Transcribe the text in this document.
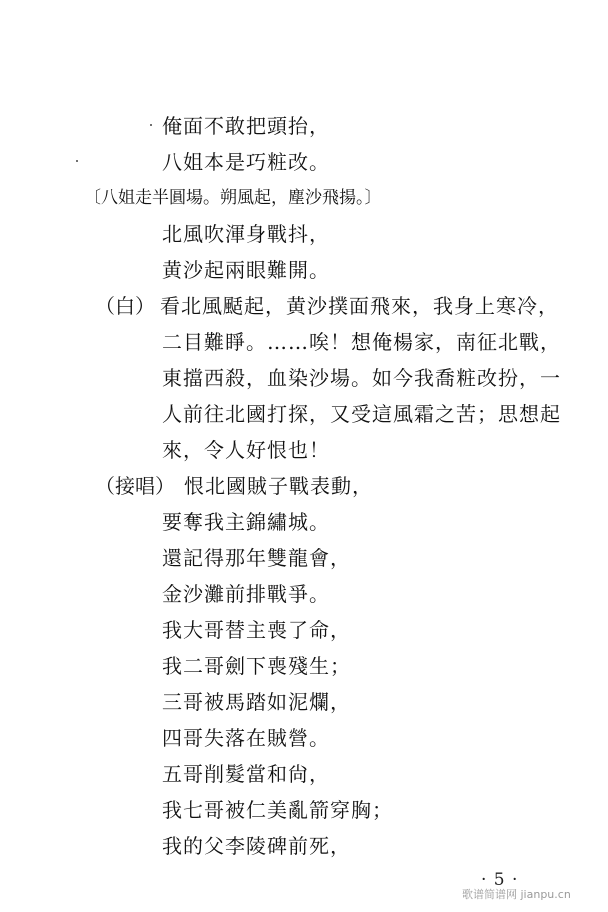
俺面不敢把頭抬，
八姐本是巧粧改。
〔八姐走半圓場。朔風起，塵沙飛揚。〕
北風吹渾身戰抖，
黄沙起兩眼難開。
（白） 看北風颳起，黄沙撲面飛來，我身上寒冷，
二目難睜。……唉！想俺楊家，南征北戰，
東擋西殺，血染沙場。如今我喬粧改扮，一
人前往北國打探，又受這風霜之苦；思想起
來，令人好恨也！
（接唱） 恨北國賊子戰表動，
要奪我主錦繡城。
還記得那年雙龍會，
金沙灘前排戰爭。
我大哥替主喪了命，
我二哥劍下喪殘生；
三哥被馬踏如泥爛，
四哥失落在賊營。
五哥削髮當和尙，
我七哥被仁美亂箭穿胸；
我的父李陵碑前死，
· 5 ·
歌谱简谱网 jianpu.cn
